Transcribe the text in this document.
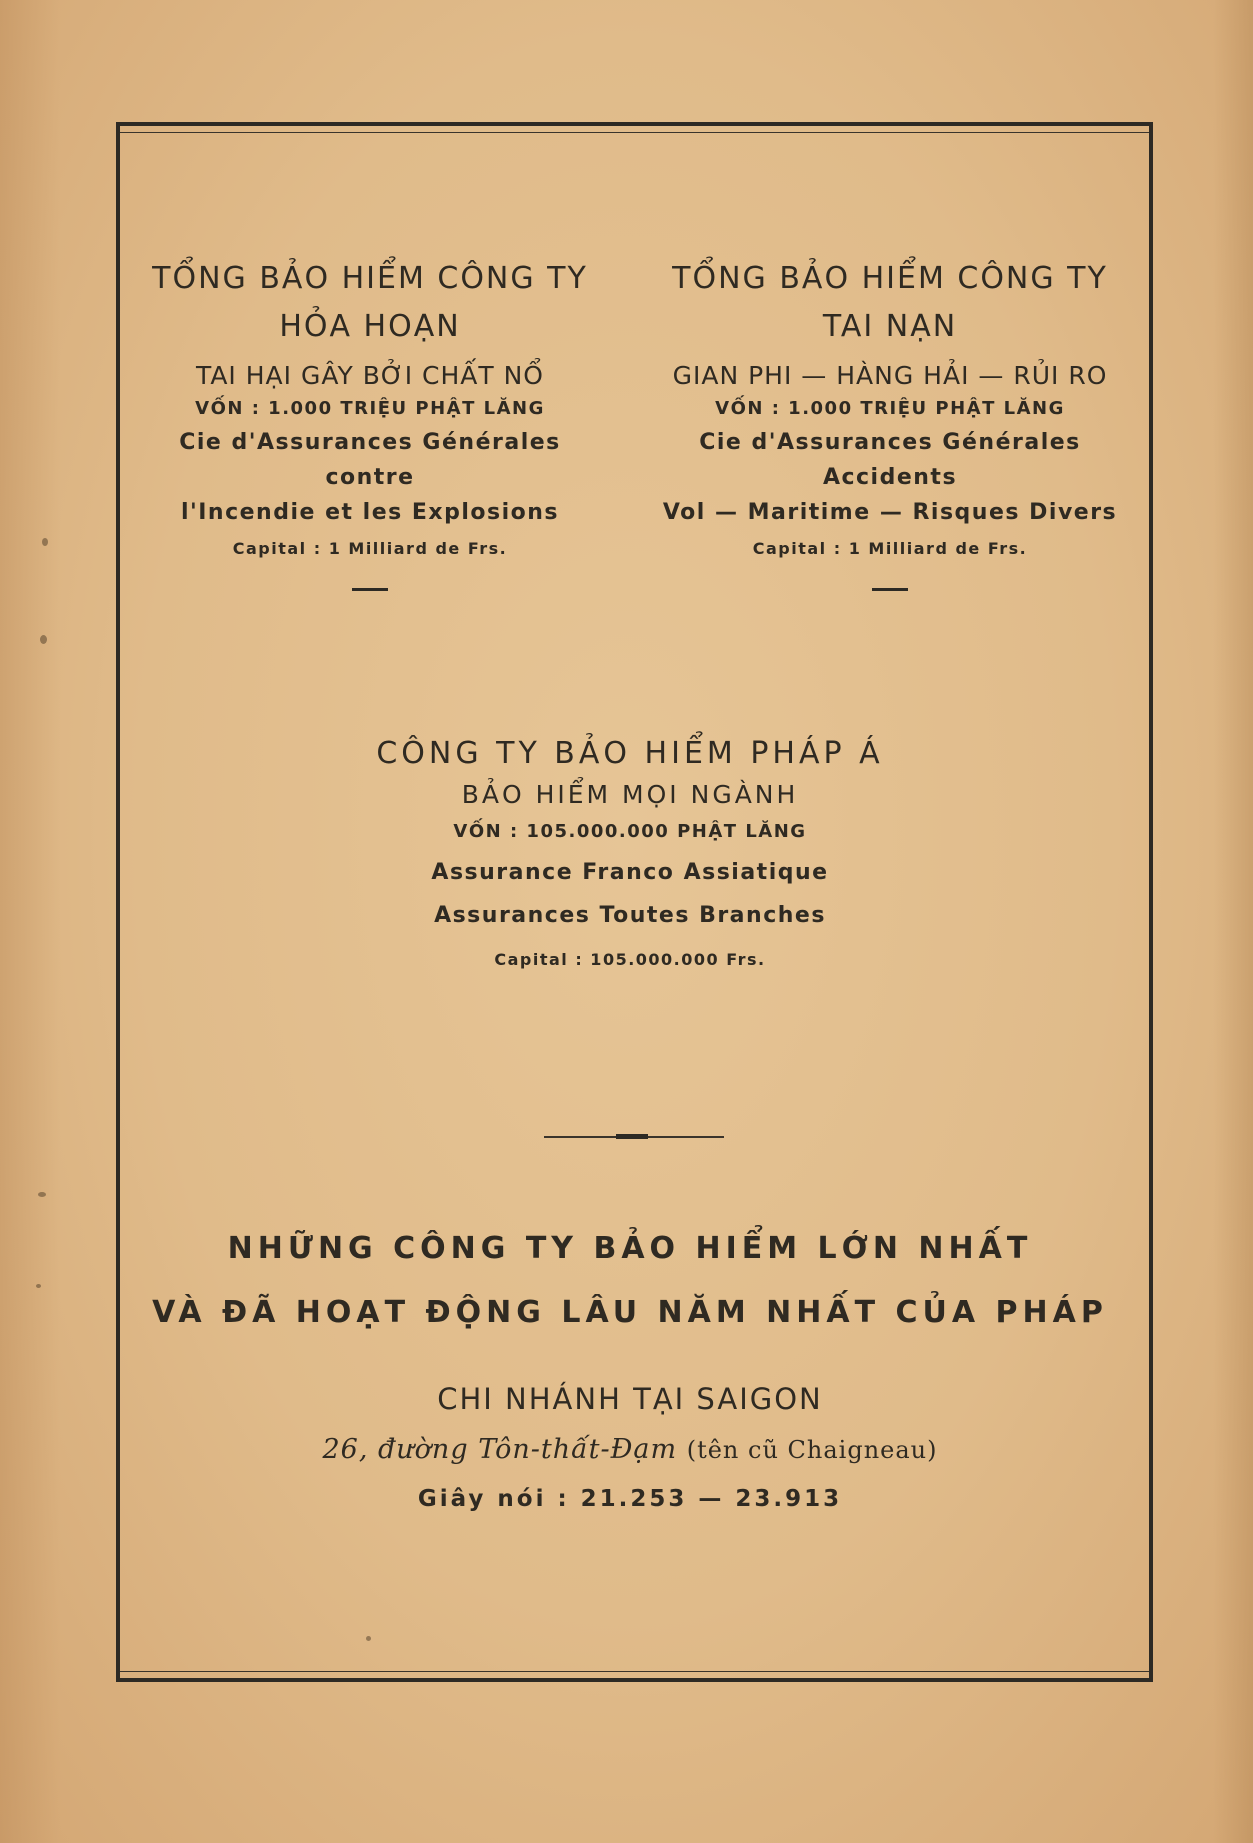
TỔNG BẢO HIỂM CÔNG TY
HỎA HOẠN
TAI HẠI GÂY BỞI CHẤT NỔ
VỐN : 1.000 TRIỆU PHẬT LĂNG
Cie d'Assurances Générales contre
l'Incendie et les Explosions
Capital : 1 Milliard de Frs.
TỔNG BẢO HIỂM CÔNG TY
TAI NẠN
GIAN PHI — HÀNG HẢI — RỦI RO
VỐN : 1.000 TRIỆU PHẬT LĂNG
Cie d'Assurances Générales Accidents
Vol — Maritime — Risques Divers
Capital : 1 Milliard de Frs.
CÔNG TY BẢO HIỂM PHÁP Á
BẢO HIỂM MỌI NGÀNH
VỐN : 105.000.000 PHẬT LĂNG
Assurance Franco Assiatique
Assurances Toutes Branches
Capital : 105.000.000 Frs.
NHỮNG CÔNG TY BẢO HIỂM LỚN NHẤT
VÀ ĐÃ HOẠT ĐỘNG LÂU NĂM NHẤT CỦA PHÁP
CHI NHÁNH TẠI SAIGON
26, đường Tôn-thất-Đạm (tên cũ Chaigneau)
Giây nói : 21.253 — 23.913
